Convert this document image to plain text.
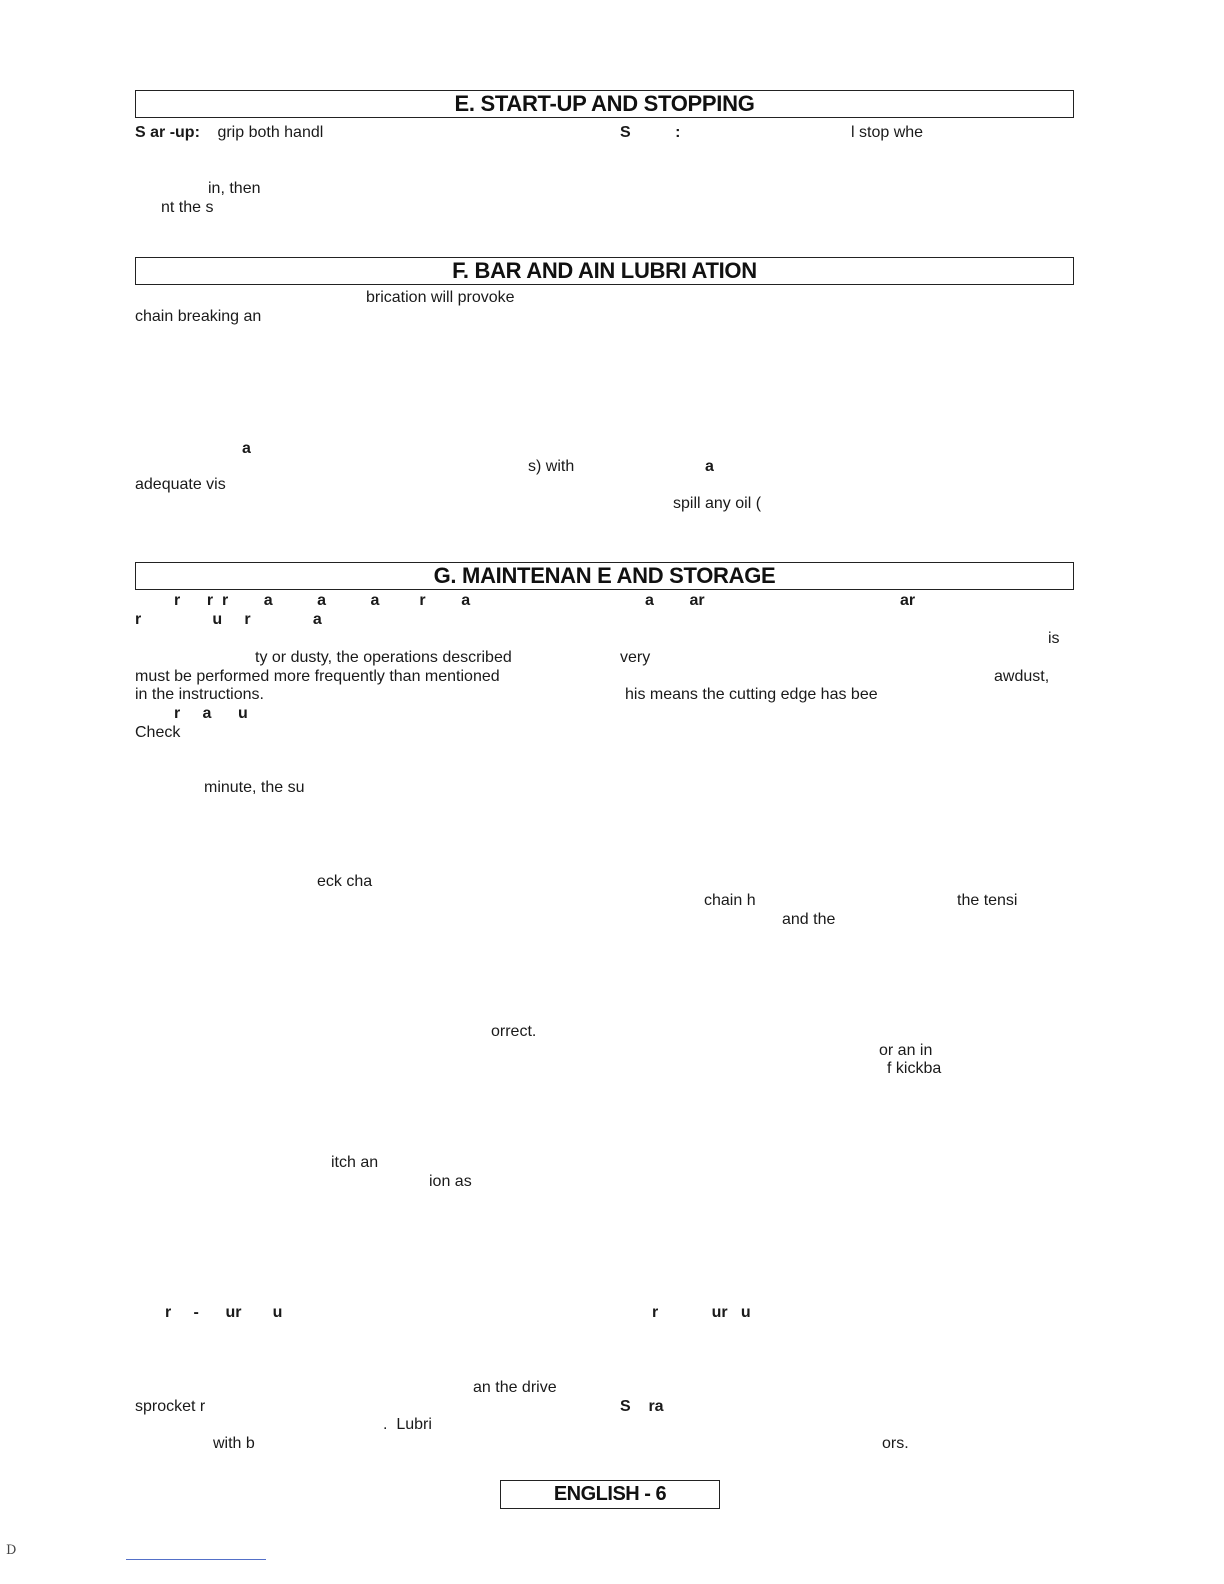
E. START-UP AND STOPPING
S ar -up: grip both handl	S          :	l stop whe
in, then
nt the s
F. BAR AND AIN LUBRI ATION
brication will provoke
chain breaking an
a
s) with	a
adequate vis
spill any oil (
G. MAINTENAN E AND STORAGE
r      r  r        a          a          a         r        a	a        ar	ar
r                u     r              a
is
ty or dusty, the operations described	very
must be performed more frequently than mentioned	awdust,
in the instructions.	his means the cutting edge has bee
r     a      u
Check
minute, the su
eck cha
chain h	the tensi
and the
orrect.
or an in
f kickba
itch an
ion as
r     -      ur       u	r            ur   u
an the drive
sprocket r	S    ra
.  Lubri
with b	ors.
ENGLISH - 6
D
